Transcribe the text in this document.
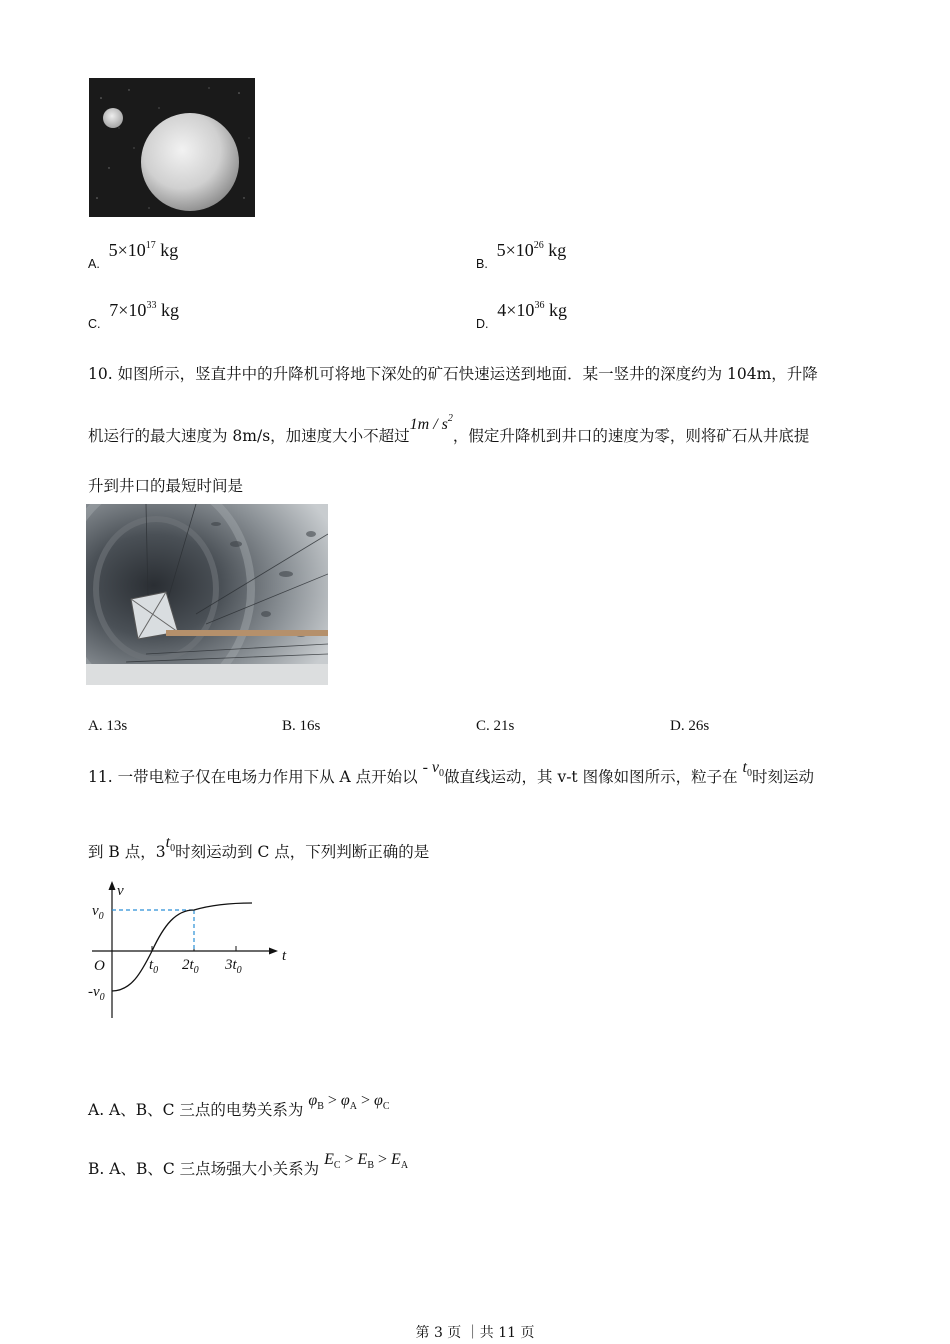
$_{A.}$ $5\times 10^{17}$ kg
$_{B.}$ $5\times 10^{26}$ kg
$_{C.}$ $7\times 10^{33}$ kg
$_{D.}$ $4\times 10^{36}$ kg
10. 如图所示，竖直井中的升降机可将地下深处的矿石快速运送到地面．某一竖井的深度约为 104m，升降
机运行的最大速度为 8m/s，加速度大小不超过$1m / s^2$，假定升降机到井口的速度为零，则将矿石从井底提
升到井口的最短时间是
A. 13s	B. 16s	C. 21s	D. 26s
11. 一带电粒子仅在电场力作用下从 A 点开始以 - $v_0$做直线运动，其 v-t 图像如图所示，粒子在 $t_0$时刻运动
到 B 点，$3t_0$时刻运动到 C 点，下列判断正确的是
v
t
O
$v_0$
$-v_0$
$t_0$ $2t_0$ $3t_0$
A. A、B、C 三点的电势关系为 $\varphi_B > \varphi_A > \varphi_C$
B. A、B、C 三点场强大小关系为 $E_C > E_B > E_A$
第 3 页 ｜共 11 页
